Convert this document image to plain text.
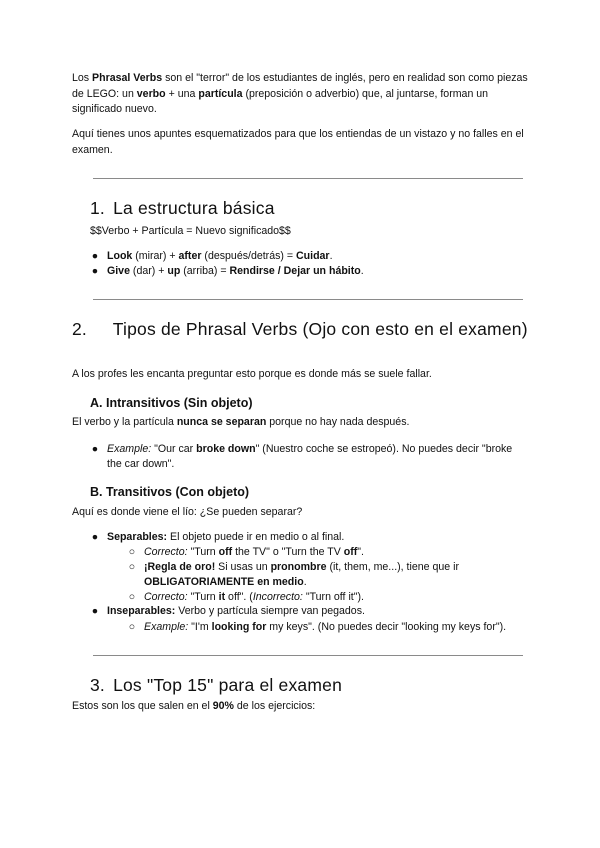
Los Phrasal Verbs son el "terror" de los estudiantes de inglés, pero en realidad son como piezas de LEGO: un verbo + una partícula (preposición o adverbio) que, al juntarse, forman un significado nuevo.

Aquí tienes unos apuntes esquematizados para que los entiendas de un vistazo y no falles en el examen.

1. La estructura básica
$$Verbo + Partícula = Nuevo significado$$

● Look (mirar) + after (después/detrás) = Cuidar.

● Give (dar) + up (arriba) = Rendirse / Dejar un hábito.

2. Tipos de Phrasal Verbs (Ojo con esto en el examen)

A los profes les encanta preguntar esto porque es donde más se suele fallar.

A. Intransitivos (Sin objeto)

El verbo y la partícula nunca se separan porque no hay nada después.

● Example: "Our car broke down" (Nuestro coche se estropeó). No puedes decir "broke the car down".

B. Transitivos (Con objeto)

Aquí es donde viene el lío: ¿Se pueden separar?

● Separables: El objeto puede ir en medio o al final.

○ Correcto: "Turn off the TV" o "Turn the TV off".

○ ¡Regla de oro! Si usas un pronombre (it, them, me...), tiene que ir OBLIGATORIAMENTE en medio.

○ Correcto: "Turn it off". (Incorrecto: "Turn off it").

● Inseparables: Verbo y partícula siempre van pegados.

○ Example: "I'm looking for my keys". (No puedes decir "looking my keys for").

3. Los "Top 15" para el examen

Estos son los que salen en el 90% de los ejercicios:
